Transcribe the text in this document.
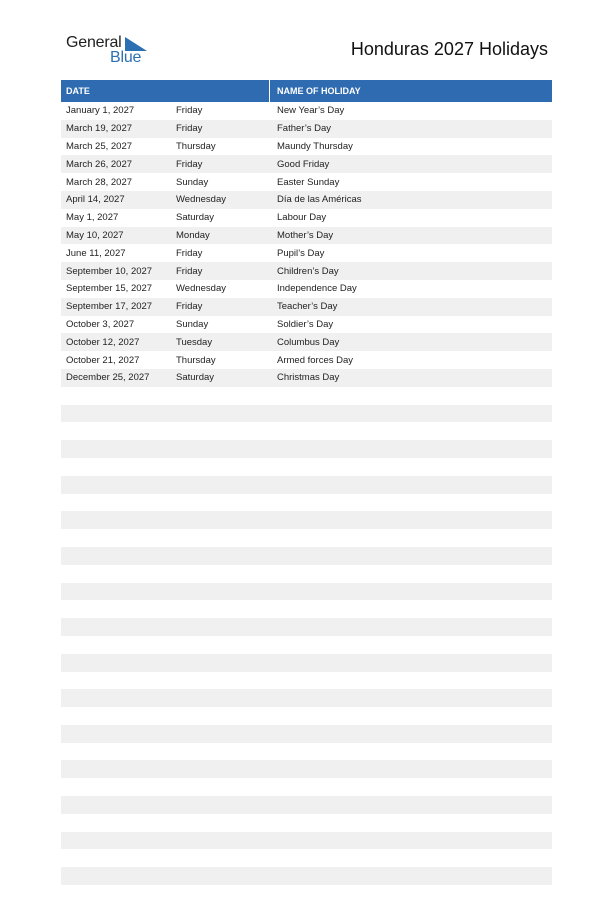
General
Blue	Honduras 2027 Holidays
DATE	NAME OF HOLIDAY
January 1, 2027	Friday	New Year’s Day
March 19, 2027	Friday	Father’s Day
March 25, 2027	Thursday	Maundy Thursday
March 26, 2027	Friday	Good Friday
March 28, 2027	Sunday	Easter Sunday
April 14, 2027	Wednesday	Día de las Américas
May 1, 2027	Saturday	Labour Day
May 10, 2027	Monday	Mother’s Day
June 11, 2027	Friday	Pupil’s Day
September 10, 2027	Friday	Children’s Day
September 15, 2027	Wednesday	Independence Day
September 17, 2027	Friday	Teacher’s Day
October 3, 2027	Sunday	Soldier’s Day
October 12, 2027	Tuesday	Columbus Day
October 21, 2027	Thursday	Armed forces Day
December 25, 2027	Saturday	Christmas Day
